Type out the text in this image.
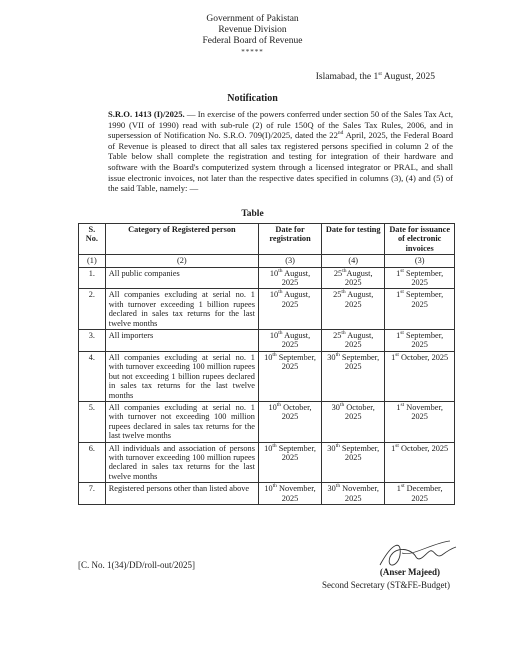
Government of Pakistan
Revenue Division
Federal Board of Revenue
*****
Islamabad, the 1st August, 2025
Notification
S.R.O. 1413 (I)/2025. — In exercise of the powers conferred under section 50 of the Sales Tax Act, 1990 (VII of 1990) read with sub-rule (2) of rule 150Q of the Sales Tax Rules, 2006, and in supersession of Notification No. S.R.O. 709(I)/2025, dated the 22nd April, 2025, the Federal Board of Revenue is pleased to direct that all sales tax registered persons specified in column 2 of the Table below shall complete the registration and testing for integration of their hardware and software with the Board's computerized system through a licensed integrator or PRAL, and shall issue electronic invoices, not later than the respective dates specified in columns (3), (4) and (5) of the said Table, namely: —
Table
S. No.	Category of Registered person	Date for registration	Date for testing	Date for issuance of electronic invoices
(1)	(2)	(3)	(4)	(3)
1.	All public companies	10th August, 2025	25thAugust, 2025	1st September, 2025
2.	All companies excluding at serial no. 1 with turnover exceeding 1 billion rupees declared in sales tax returns for the last twelve months	10th August, 2025	25th August, 2025	1st September, 2025
3.	All importers	10th August, 2025	25th August, 2025	1st September, 2025
4.	All companies excluding at serial no. 1 with turnover exceeding 100 million rupees but not exceeding 1 billion rupees declared in sales tax returns for the last twelve months	10th September, 2025	30th September, 2025	1st October, 2025
5.	All companies excluding at serial no. 1 with turnover not exceeding 100 million rupees declared in sales tax returns for the last twelve months	10th October, 2025	30th October, 2025	1st November, 2025
6.	All individuals and association of persons with turnover exceeding 100 million rupees declared in sales tax returns for the last twelve months	10th September, 2025	30th September, 2025	1st October, 2025
7.	Registered persons other than listed above	10th November, 2025	30th November, 2025	1st December, 2025
[C. No. 1(34)/DD/roll-out/2025]
(Anser Majeed)
Second Secretary (ST&FE-Budget)
